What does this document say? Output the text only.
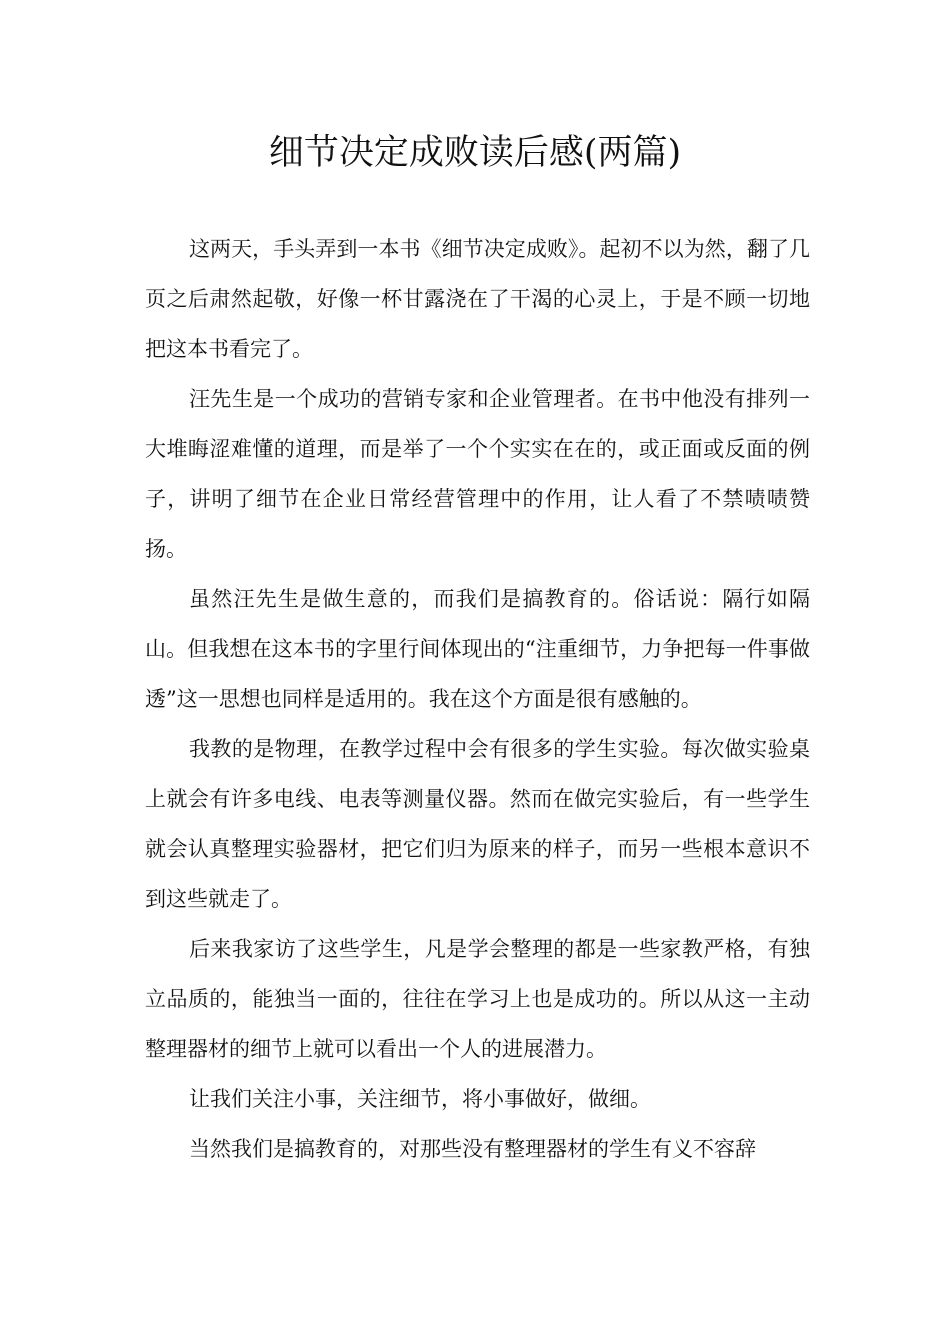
细节决定成败读后感(两篇)

这两天，手头弄到一本书《细节决定成败》。起初不以为然，翻了几页之后肃然起敬，好像一杯甘露浇在了干渴的心灵上，于是不顾一切地把这本书看完了。

汪先生是一个成功的营销专家和企业管理者。在书中他没有排列一大堆晦涩难懂的道理，而是举了一个个实实在在的，或正面或反面的例子，讲明了细节在企业日常经营管理中的作用，让人看了不禁啧啧赞扬。

虽然汪先生是做生意的，而我们是搞教育的。俗话说：隔行如隔山。但我想在这本书的字里行间体现出的“注重细节，力争把每一件事做透”这一思想也同样是适用的。我在这个方面是很有感触的。

我教的是物理，在教学过程中会有很多的学生实验。每次做实验桌上就会有许多电线、电表等测量仪器。然而在做完实验后，有一些学生就会认真整理实验器材，把它们归为原来的样子，而另一些根本意识不到这些就走了。

后来我家访了这些学生，凡是学会整理的都是一些家教严格，有独立品质的，能独当一面的，往往在学习上也是成功的。所以从这一主动整理器材的细节上就可以看出一个人的进展潜力。

让我们关注小事，关注细节，将小事做好，做细。

当然我们是搞教育的，对那些没有整理器材的学生有义不容辞
